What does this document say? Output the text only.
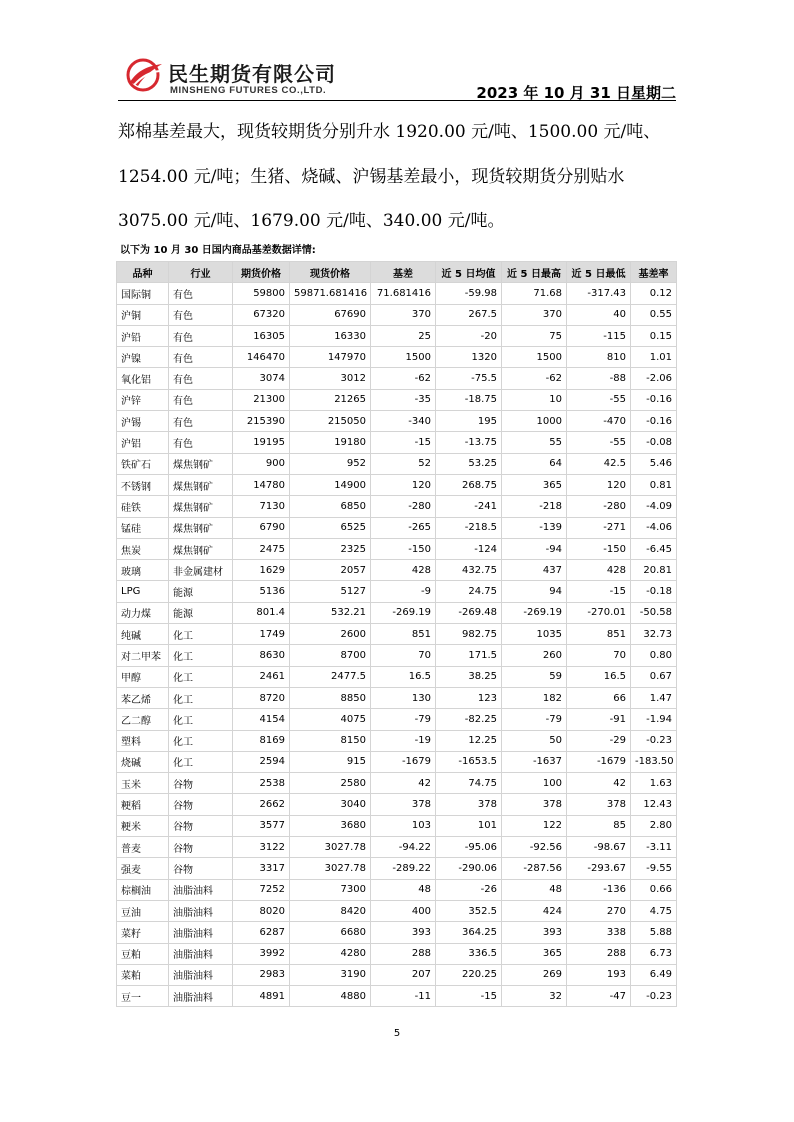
民生期货有限公司
MINSHENG FUTURES CO.,LTD.	2023 年 10 月 31 日星期二

郑棉基差最大，现货较期货分别升水 1920.00 元/吨、1500.00 元/吨、

1254.00 元/吨；生猪、烧碱、沪锡基差最小，现货较期货分别贴水

3075.00 元/吨、1679.00 元/吨、340.00 元/吨。

以下为 10 月 30 日国内商品基差数据详情:
品种	行业	期货价格	现货价格	基差	近 5 日均值	近 5 日最高	近 5 日最低	基差率
国际铜	有色	59800	59871.681416	71.681416	-59.98	71.68	-317.43	0.12
沪铜	有色	67320	67690	370	267.5	370	40	0.55
沪铅	有色	16305	16330	25	-20	75	-115	0.15
沪镍	有色	146470	147970	1500	1320	1500	810	1.01
氧化铝	有色	3074	3012	-62	-75.5	-62	-88	-2.06
沪锌	有色	21300	21265	-35	-18.75	10	-55	-0.16
沪锡	有色	215390	215050	-340	195	1000	-470	-0.16
沪铝	有色	19195	19180	-15	-13.75	55	-55	-0.08
铁矿石	煤焦钢矿	900	952	52	53.25	64	42.5	5.46
不锈钢	煤焦钢矿	14780	14900	120	268.75	365	120	0.81
硅铁	煤焦钢矿	7130	6850	-280	-241	-218	-280	-4.09
锰硅	煤焦钢矿	6790	6525	-265	-218.5	-139	-271	-4.06
焦炭	煤焦钢矿	2475	2325	-150	-124	-94	-150	-6.45
玻璃	非金属建材	1629	2057	428	432.75	437	428	20.81
LPG	能源	5136	5127	-9	24.75	94	-15	-0.18
动力煤	能源	801.4	532.21	-269.19	-269.48	-269.19	-270.01	-50.58
纯碱	化工	1749	2600	851	982.75	1035	851	32.73
对二甲苯	化工	8630	8700	70	171.5	260	70	0.80
甲醇	化工	2461	2477.5	16.5	38.25	59	16.5	0.67
苯乙烯	化工	8720	8850	130	123	182	66	1.47
乙二醇	化工	4154	4075	-79	-82.25	-79	-91	-1.94
塑料	化工	8169	8150	-19	12.25	50	-29	-0.23
烧碱	化工	2594	915	-1679	-1653.5	-1637	-1679	-183.50
玉米	谷物	2538	2580	42	74.75	100	42	1.63
粳稻	谷物	2662	3040	378	378	378	378	12.43
粳米	谷物	3577	3680	103	101	122	85	2.80
普麦	谷物	3122	3027.78	-94.22	-95.06	-92.56	-98.67	-3.11
强麦	谷物	3317	3027.78	-289.22	-290.06	-287.56	-293.67	-9.55
棕榈油	油脂油料	7252	7300	48	-26	48	-136	0.66
豆油	油脂油料	8020	8420	400	352.5	424	270	4.75
菜籽	油脂油料	6287	6680	393	364.25	393	338	5.88
豆粕	油脂油料	3992	4280	288	336.5	365	288	6.73
菜粕	油脂油料	2983	3190	207	220.25	269	193	6.49
豆一	油脂油料	4891	4880	-11	-15	32	-47	-0.23
5
